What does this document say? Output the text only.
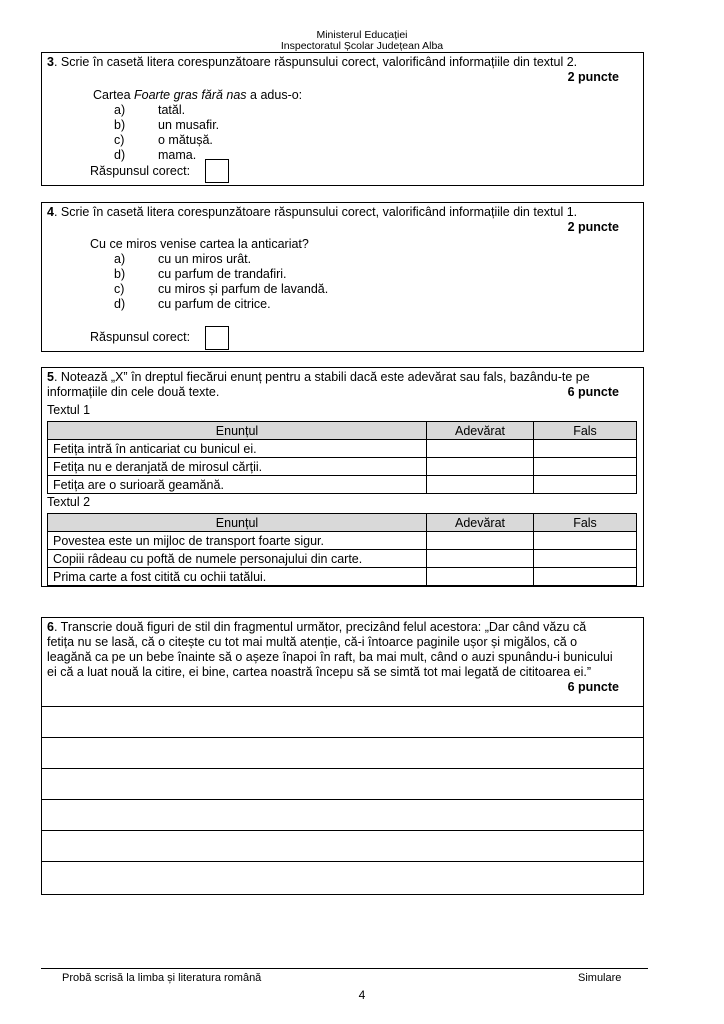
Ministerul Educației
Inspectoratul Școlar Județean Alba
3. Scrie în casetă litera corespunzătoare răspunsului corect, valorificând informațiile din textul 2.
2 puncte
Cartea Foarte gras fără nas a adus-o:
a)	tatăl.
b)	un musafir.
c)	o mătușă.
d)	mama.
Răspunsul corect:
4. Scrie în casetă litera corespunzătoare răspunsului corect, valorificând informațiile din textul 1.
2 puncte
Cu ce miros venise cartea la anticariat?
a)	cu un miros urât.
b)	cu parfum de trandafiri.
c)	cu miros și parfum de lavandă.
d)	cu parfum de citrice.
Răspunsul corect:
5. Notează „X” în dreptul fiecărui enunț pentru a stabili dacă este adevărat sau fals, bazându-te pe
informațiile din cele două texte.	6 puncte
Textul 1
Enunțul	Adevărat	Fals
Fetița intră în anticariat cu bunicul ei.		
Fetița nu e deranjată de mirosul cărții.		
Fetița are o surioară geamănă.		
Textul 2
Enunțul	Adevărat	Fals
Povestea este un mijloc de transport foarte sigur.		
Copiii râdeau cu poftă de numele personajului din carte.		
Prima carte a fost citită cu ochii tatălui.		
6. Transcrie două figuri de stil din fragmentul următor, precizând felul acestora: „Dar când văzu că
fetița nu se lasă, că o citește cu tot mai multă atenție, că-i întoarce paginile ușor și migălos, că o
leagănă ca pe un bebe înainte să o așeze înapoi în raft, ba mai mult, când o auzi spunându-i bunicului
ei că a luat nouă la citire, ei bine, cartea noastră începu să se simtă tot mai legată de cititoarea ei.”
6 puncte
Probă scrisă la limba și literatura română	Simulare
4
